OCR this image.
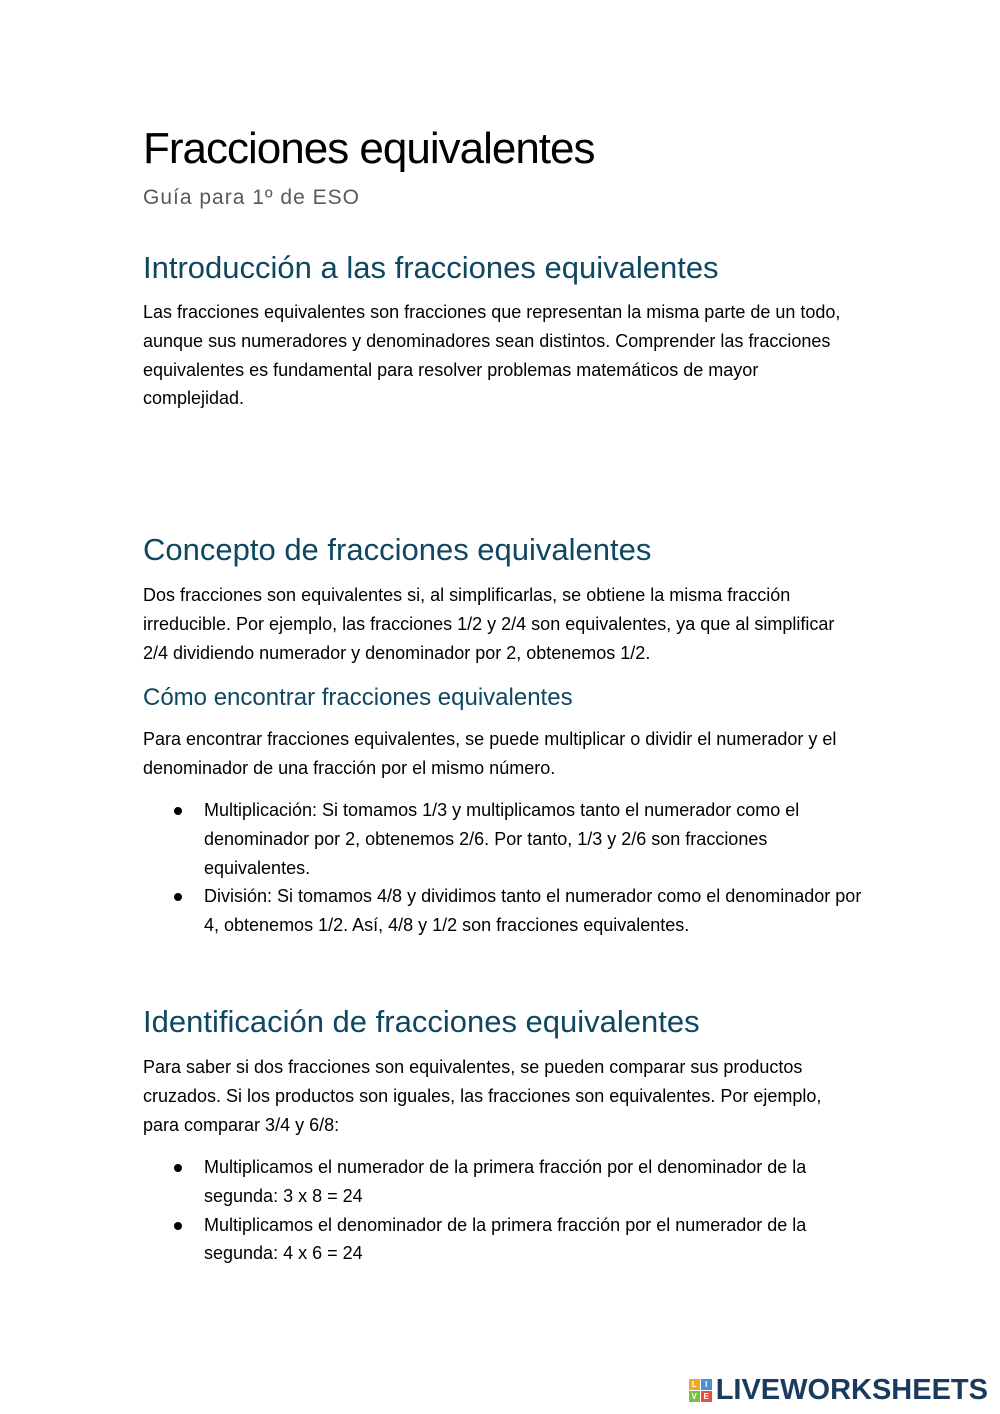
Fracciones equivalentes
Guía para 1º de ESO
Introducción a las fracciones equivalentes

Las fracciones equivalentes son fracciones que representan la misma parte de un todo, aunque sus numeradores y denominadores sean distintos. Comprender las fracciones equivalentes es fundamental para resolver problemas matemáticos de mayor complejidad.

Concepto de fracciones equivalentes

Dos fracciones son equivalentes si, al simplificarlas, se obtiene la misma fracción irreducible. Por ejemplo, las fracciones 1/2 y 2/4 son equivalentes, ya que al simplificar 2/4 dividiendo numerador y denominador por 2, obtenemos 1/2.

Cómo encontrar fracciones equivalentes

Para encontrar fracciones equivalentes, se puede multiplicar o dividir el numerador y el denominador de una fracción por el mismo número.

Multiplicación: Si tomamos 1/3 y multiplicamos tanto el numerador como el denominador por 2, obtenemos 2/6. Por tanto, 1/3 y 2/6 son fracciones equivalentes.
División: Si tomamos 4/8 y dividimos tanto el numerador como el denominador por 4, obtenemos 1/2. Así, 4/8 y 1/2 son fracciones equivalentes.
Identificación de fracciones equivalentes

Para saber si dos fracciones son equivalentes, se pueden comparar sus productos cruzados. Si los productos son iguales, las fracciones son equivalentes. Por ejemplo, para comparar 3/4 y 6/8:

Multiplicamos el numerador de la primera fracción por el denominador de la segunda: 3 x 8 = 24
Multiplicamos el denominador de la primera fracción por el numerador de la segunda: 4 x 6 = 24
L	I
V E LIVEWORKSHEETS
